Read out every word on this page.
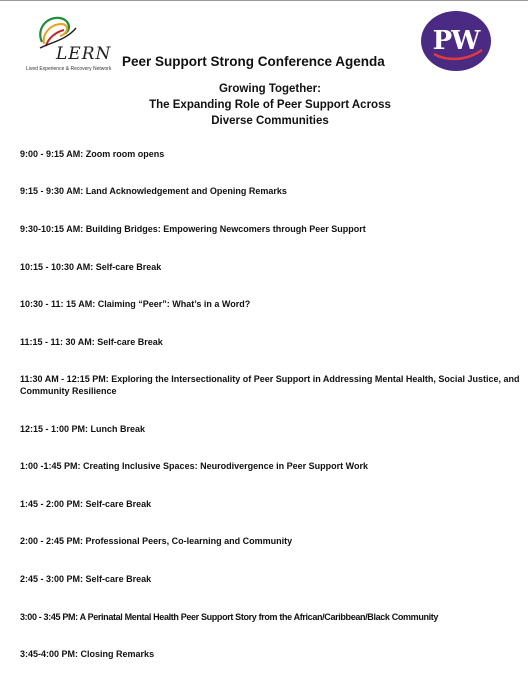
LERN
Lived Experience & Recovery Network
PW
Peer Support Strong Conference Agenda
Growing Together:
The Expanding Role of Peer Support Across
Diverse Communities
9:00 - 9:15 AM: Zoom room opens
9:15 - 9:30 AM: Land Acknowledgement and Opening Remarks
9:30-10:15 AM: Building Bridges: Empowering Newcomers through Peer Support
10:15 - 10:30 AM: Self-care Break
10:30 - 11: 15 AM: Claiming “Peer”: What’s in a Word?
11:15 - 11: 30 AM: Self-care Break
11:30 AM - 12:15 PM: Exploring the Intersectionality of Peer Support in Addressing Mental Health, Social Justice, and Community Resilience
12:15 - 1:00 PM: Lunch Break
1:00 -1:45 PM: Creating Inclusive Spaces: Neurodivergence in Peer Support Work
1:45 - 2:00 PM: Self-care Break
2:00 - 2:45 PM: Professional Peers, Co-learning and Community
2:45 - 3:00 PM: Self-care Break
3:00 - 3:45 PM: A Perinatal Mental Health Peer Support Story from the African/Caribbean/Black Community
3:45-4:00 PM: Closing Remarks
